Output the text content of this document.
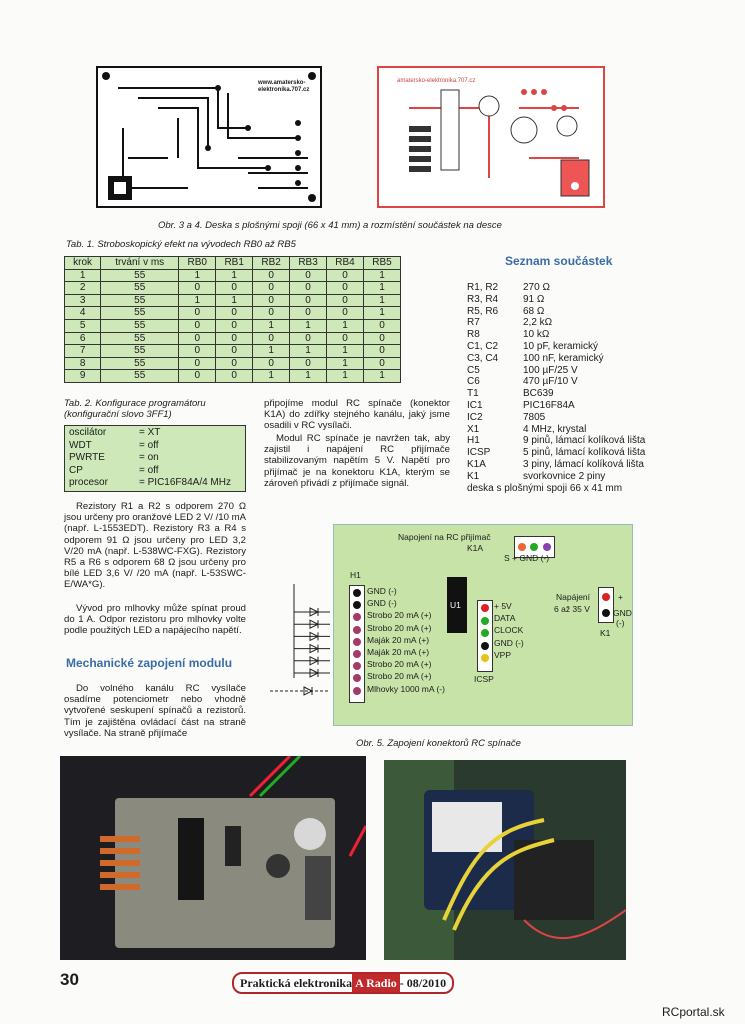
www.amatersko-
elektronika.707.cz
amatersko-elektronika.707.cz
Obr. 3 a 4. Deska s plošnými spoji (66 x 41 mm) a rozmístění součástek na desce
Tab. 1. Stroboskopický efekt na vývodech RB0 až RB5
krok	trvání v ms	RB0	RB1	RB2	RB3	RB4	RB5
1	55	1	1	0	0	0	1
2	55	0	0	0	0	0	1
3	55	1	1	0	0	0	1
4	55	0	0	0	0	0	1
5	55	0	0	1	1	1	0
6	55	0	0	0	0	0	0
7	55	0	0	1	1	1	0
8	55	0	0	0	0	1	0
9	55	0	0	1	1	1	1
Tab. 2. Konfigurace programátoru
(konfigurační slovo 3FF1)
oscilátor	= XT
WDT	= off
PWRTE	= on
CP	= off
procesor	= PIC16F84A/4 MHz
Rezistory R1 a R2 s odporem 270 Ω jsou určeny pro oranžové LED 2 V/ /10 mA (např. L-1553EDT). Rezistory R3 a R4 s odporem 91 Ω jsou určeny pro LED 3,2 V/20 mA (např. L-538WC-FXG). Rezistory R5 a R6 s odporem 68 Ω jsou určeny pro bílé LED 3,6 V/ /20 mA (např. L-53SWC-E/WA*G).
Vývod pro mlhovky může spínat proud do 1 A. Odpor rezistoru pro mlhovky volte podle použitých LED a napájecího napětí.
Mechanické zapojení modulu
Do volného kanálu RC vysílače osadíme potenciometr nebo vhodně vytvořené seskupení spínačů a rezistorů. Tím je zajištěna ovládací část na straně vysílače. Na straně přijímače
připojíme modul RC spínače (konektor K1A) do zdířky stejného kanálu, jaký jsme osadili v RC vysílači.
Modul RC spínače je navržen tak, aby zajistil i napájení RC přijímače stabilizovaným napětím 5 V. Napětí pro přijímač je na konektoru K1A, kterým se zároveň přivádí z přijímače signál.
Seznam součástek
R1, R2	270 Ω
R3, R4	91 Ω
R5, R6	68 Ω
R7	2,2 kΩ
R8	10 kΩ
C1, C2	10 pF, keramický
C3, C4	100 nF, keramický
C5	100 µF/25 V
C6	470 µF/10 V
T1	BC639
IC1	PIC16F84A
IC2	7805
X1	4 MHz, krystal
H1	9 pinů, lámací kolíková lišta
ICSP	5 pinů, lámací kolíková lišta
K1A	3 piny, lámací kolíková lišta
K1	svorkovnice 2 piny
deska s plošnými spoji 66 x 41 mm
Napojení na RC přijímač
K1A

S + GND (-)
H1
GND (-)
GND (-)
Strobo 20 mA (+)
Strobo 20 mA (+)
Maják 20 mA (+)
Maják 20 mA (+)
Strobo 20 mA (+)
Strobo 20 mA (+)
Mlhovky 1000 mA (-)
U1	+ 5V
DATA
CLOCK
GND (-)
VPP
ICSP
Napájení
6 až 35 V
+
GND
(-)
K1
Obr. 5. Zapojení konektorů RC spínače
30	Praktická elektronika A Radio - 08/2010
RCportal.sk
